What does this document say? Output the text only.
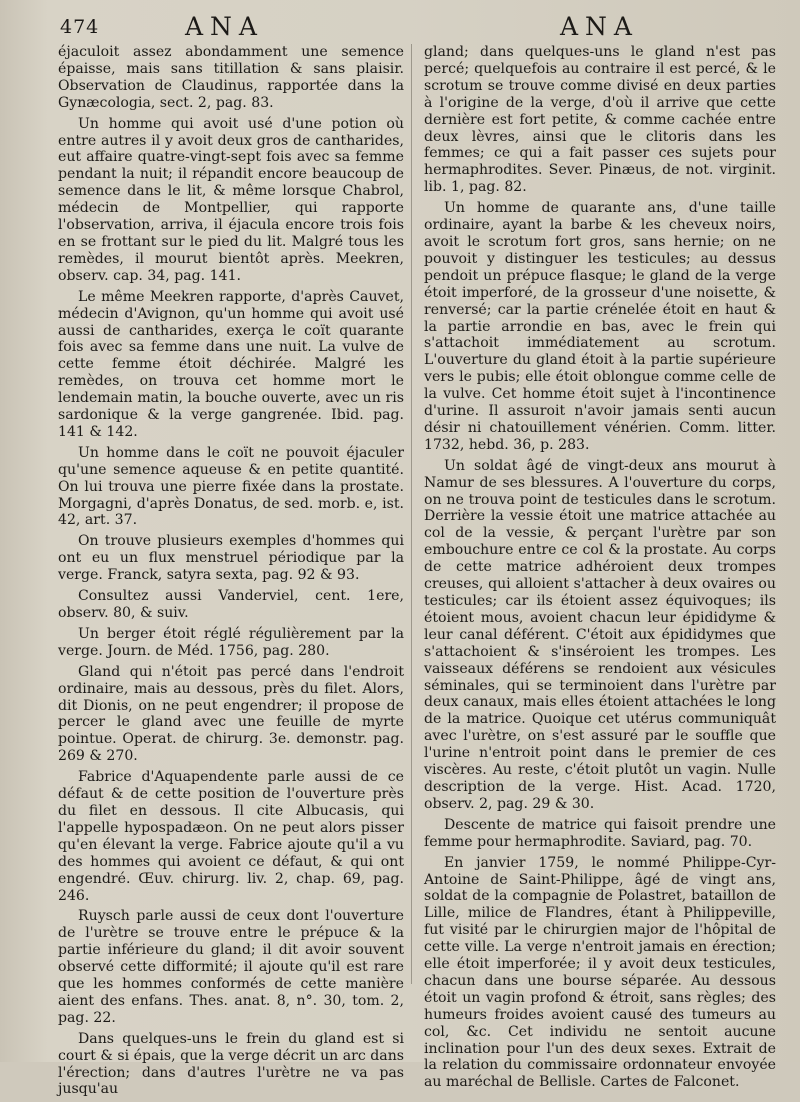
474	ANA	ANA

éjaculoit assez abondamment une semence épaisse, mais sans titillation & sans plaisir. Observation de Claudinus, rapportée dans la Gynæcologia, sect. 2, pag. 83.

Un homme qui avoit usé d'une potion où entre autres il y avoit deux gros de cantharides, eut affaire quatre-vingt-sept fois avec sa femme pendant la nuit; il répandit encore beaucoup de semence dans le lit, & même lorsque Chabrol, médecin de Montpellier, qui rapporte l'observation, arriva, il éjacula encore trois fois en se frottant sur le pied du lit. Malgré tous les remèdes, il mourut bientôt après. Meekren, observ. cap. 34, pag. 141.

Le même Meekren rapporte, d'après Cauvet, médecin d'Avignon, qu'un homme qui avoit usé aussi de cantharides, exerça le coït quarante fois avec sa femme dans une nuit. La vulve de cette femme étoit déchirée. Malgré les remèdes, on trouva cet homme mort le lendemain matin, la bouche ouverte, avec un ris sardonique & la verge gangrenée. Ibid. pag. 141 & 142.

Un homme dans le coït ne pouvoit éjaculer qu'une semence aqueuse & en petite quantité. On lui trouva une pierre fixée dans la prostate. Morgagni, d'après Donatus, de sed. morb. e, ist. 42, art. 37.

On trouve plusieurs exemples d'hommes qui ont eu un flux menstruel périodique par la verge. Franck, satyra sexta, pag. 92 & 93.

Consultez aussi Vanderviel, cent. 1ere, observ. 80, & suiv.

Un berger étoit réglé régulièrement par la verge. Journ. de Méd. 1756, pag. 280.

Gland qui n'étoit pas percé dans l'endroit ordinaire, mais au dessous, près du filet. Alors, dit Dionis, on ne peut engendrer; il propose de percer le gland avec une feuille de myrte pointue. Operat. de chirurg. 3e. demonstr. pag. 269 & 270.

Fabrice d'Aquapendente parle aussi de ce défaut & de cette position de l'ouverture près du filet en dessous. Il cite Albucasis, qui l'appelle hypospadæon. On ne peut alors pisser qu'en élevant la verge. Fabrice ajoute qu'il a vu des hommes qui avoient ce défaut, & qui ont engendré. Œuv. chirurg. liv. 2, chap. 69, pag. 246.

Ruysch parle aussi de ceux dont l'ouverture de l'urètre se trouve entre le prépuce & la partie inférieure du gland; il dit avoir souvent observé cette difformité; il ajoute qu'il est rare que les hommes conformés de cette manière aient des enfans. Thes. anat. 8, n°. 30, tom. 2, pag. 22.

Dans quelques-uns le frein du gland est si court & si épais, que la verge décrit un arc dans l'érection; dans d'autres l'urètre ne va pas jusqu'au

gland; dans quelques-uns le gland n'est pas percé; quelquefois au contraire il est percé, & le scrotum se trouve comme divisé en deux parties à l'origine de la verge, d'où il arrive que cette dernière est fort petite, & comme cachée entre deux lèvres, ainsi que le clitoris dans les femmes; ce qui a fait passer ces sujets pour hermaphrodites. Sever. Pinæus, de not. virginit. lib. 1, pag. 82.

Un homme de quarante ans, d'une taille ordinaire, ayant la barbe & les cheveux noirs, avoit le scrotum fort gros, sans hernie; on ne pouvoit y distinguer les testicules; au dessus pendoit un prépuce flasque; le gland de la verge étoit imperforé, de la grosseur d'une noisette, & renversé; car la partie crénelée étoit en haut & la partie arrondie en bas, avec le frein qui s'attachoit immédiatement au scrotum. L'ouverture du gland étoit à la partie supérieure vers le pubis; elle étoit oblongue comme celle de la vulve. Cet homme étoit sujet à l'incontinence d'urine. Il assuroit n'avoir jamais senti aucun désir ni chatouillement vénérien. Comm. litter. 1732, hebd. 36, p. 283.

Un soldat âgé de vingt-deux ans mourut à Namur de ses blessures. A l'ouverture du corps, on ne trouva point de testicules dans le scrotum. Derrière la vessie étoit une matrice attachée au col de la vessie, & perçant l'urètre par son embouchure entre ce col & la prostate. Au corps de cette matrice adhéroient deux trompes creuses, qui alloient s'attacher à deux ovaires ou testicules; car ils étoient assez équivoques; ils étoient mous, avoient chacun leur épididyme & leur canal déférent. C'étoit aux épididymes que s'attachoient & s'inséroient les trompes. Les vaisseaux déférens se rendoient aux vésicules séminales, qui se terminoient dans l'urètre par deux canaux, mais elles étoient attachées le long de la matrice. Quoique cet utérus communiquât avec l'urètre, on s'est assuré par le souffle que l'urine n'entroit point dans le premier de ces viscères. Au reste, c'étoit plutôt un vagin. Nulle description de la verge. Hist. Acad. 1720, observ. 2, pag. 29 & 30.

Descente de matrice qui faisoit prendre une femme pour hermaphrodite. Saviard, pag. 70.

En janvier 1759, le nommé Philippe-Cyr-Antoine de Saint-Philippe, âgé de vingt ans, soldat de la compagnie de Polastret, bataillon de Lille, milice de Flandres, étant à Philippeville, fut visité par le chirurgien major de l'hôpital de cette ville. La verge n'entroit jamais en érection; elle étoit imperforée; il y avoit deux testicules, chacun dans une bourse séparée. Au dessous étoit un vagin profond & étroit, sans règles; des humeurs froides avoient causé des tumeurs au col, &c. Cet individu ne sentoit aucune inclination pour l'un des deux sexes. Extrait de la relation du commissaire ordonnateur envoyée au maréchal de Bellisle. Cartes de Falconet.
